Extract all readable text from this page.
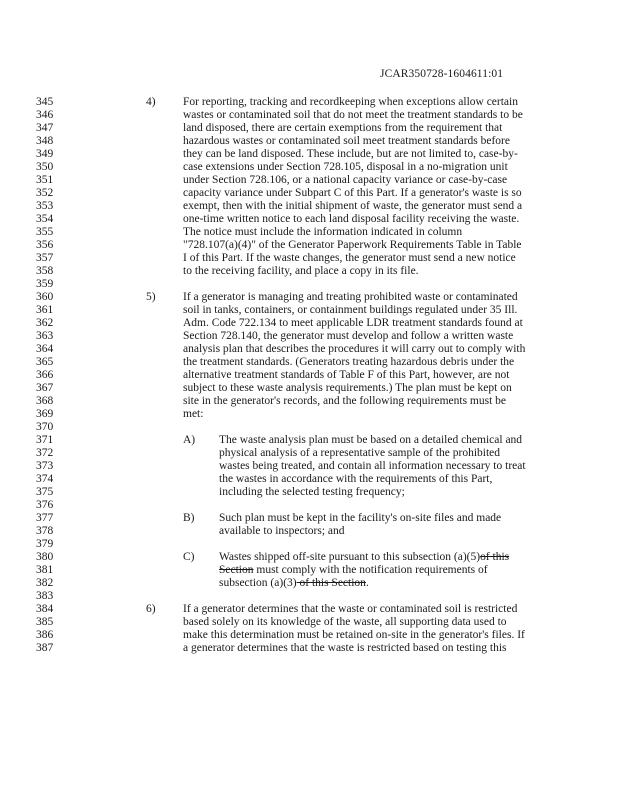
JCAR350728-1604611:01
345
346
347
348
349
350
351
352
353
354
355
356
357
358
359
360
361
362
363
364
365
366
367
368
369
370
371
372
373
374
375
376
377
378
379
380
381
382
383
384
385
386
387
4) For reporting, tracking and recordkeeping when exceptions allow certain
wastes or contaminated soil that do not meet the treatment standards to be
land disposed, there are certain exemptions from the requirement that
hazardous wastes or contaminated soil meet treatment standards before
they can be land disposed. These include, but are not limited to, case-by-
case extensions under Section 728.105, disposal in a no-migration unit
under Section 728.106, or a national capacity variance or case-by-case
capacity variance under Subpart C of this Part. If a generator's waste is so
exempt, then with the initial shipment of waste, the generator must send a
one-time written notice to each land disposal facility receiving the waste.
The notice must include the information indicated in column
"728.107(a)(4)" of the Generator Paperwork Requirements Table in Table
I of this Part. If the waste changes, the generator must send a new notice
to the receiving facility, and place a copy in its file.
5) If a generator is managing and treating prohibited waste or contaminated
soil in tanks, containers, or containment buildings regulated under 35 Ill.
Adm. Code 722.134 to meet applicable LDR treatment standards found at
Section 728.140, the generator must develop and follow a written waste
analysis plan that describes the procedures it will carry out to comply with
the treatment standards. (Generators treating hazardous debris under the
alternative treatment standards of Table F of this Part, however, are not
subject to these waste analysis requirements.) The plan must be kept on
site in the generator's records, and the following requirements must be
met:
A) The waste analysis plan must be based on a detailed chemical and
physical analysis of a representative sample of the prohibited
wastes being treated, and contain all information necessary to treat
the wastes in accordance with the requirements of this Part,
including the selected testing frequency;
B) Such plan must be kept in the facility's on-site files and made
available to inspectors; and
C) Wastes shipped off-site pursuant to this subsection (a)(5)of this
Section must comply with the notification requirements of
subsection (a)(3) of this Section.
6) If a generator determines that the waste or contaminated soil is restricted
based solely on its knowledge of the waste, all supporting data used to
make this determination must be retained on-site in the generator's files. If
a generator determines that the waste is restricted based on testing this
